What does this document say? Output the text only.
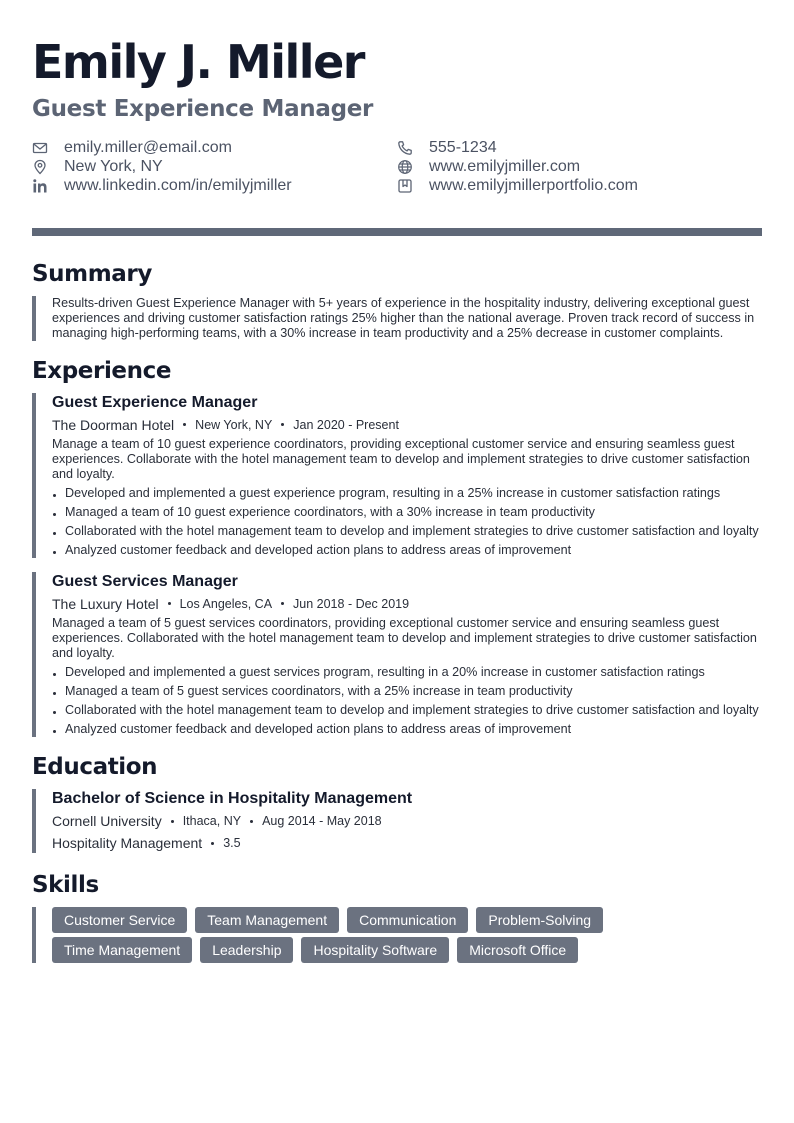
Emily J. Miller
Guest Experience Manager
emily.miller@email.com	555-1234
New York, NY	www.emilyjmiller.com
www.linkedin.com/in/emilyjmiller	www.emilyjmillerportfolio.com
Summary

Results-driven Guest Experience Manager with 5+ years of experience in the hospitality industry, delivering exceptional guest experiences and driving customer satisfaction ratings 25% higher than the national average. Proven track record of success in managing high-performing teams, with a 30% increase in team productivity and a 25% decrease in customer complaints.

Experience
Guest Experience Manager
The Doorman Hotel New York, NY Jan 2020 - Present

Manage a team of 10 guest experience coordinators, providing exceptional customer service and ensuring seamless guest experiences. Collaborate with the hotel management team to develop and implement strategies to drive customer satisfaction and loyalty.

Developed and implemented a guest experience program, resulting in a 25% increase in customer satisfaction ratings
Managed a team of 10 guest experience coordinators, with a 30% increase in team productivity
Collaborated with the hotel management team to develop and implement strategies to drive customer satisfaction and loyalty
Analyzed customer feedback and developed action plans to address areas of improvement
Guest Services Manager
The Luxury Hotel Los Angeles, CA Jun 2018 - Dec 2019

Managed a team of 5 guest services coordinators, providing exceptional customer service and ensuring seamless guest experiences. Collaborated with the hotel management team to develop and implement strategies to drive customer satisfaction and loyalty.

Developed and implemented a guest services program, resulting in a 20% increase in customer satisfaction ratings
Managed a team of 5 guest services coordinators, with a 25% increase in team productivity
Collaborated with the hotel management team to develop and implement strategies to drive customer satisfaction and loyalty
Analyzed customer feedback and developed action plans to address areas of improvement
Education
Bachelor of Science in Hospitality Management
Cornell University Ithaca, NY Aug 2014 - May 2018
Hospitality Management 3.5
Skills
Customer Service	Team Management	Communication	Problem-Solving
Time Management	Leadership	Hospitality Software	Microsoft Office
